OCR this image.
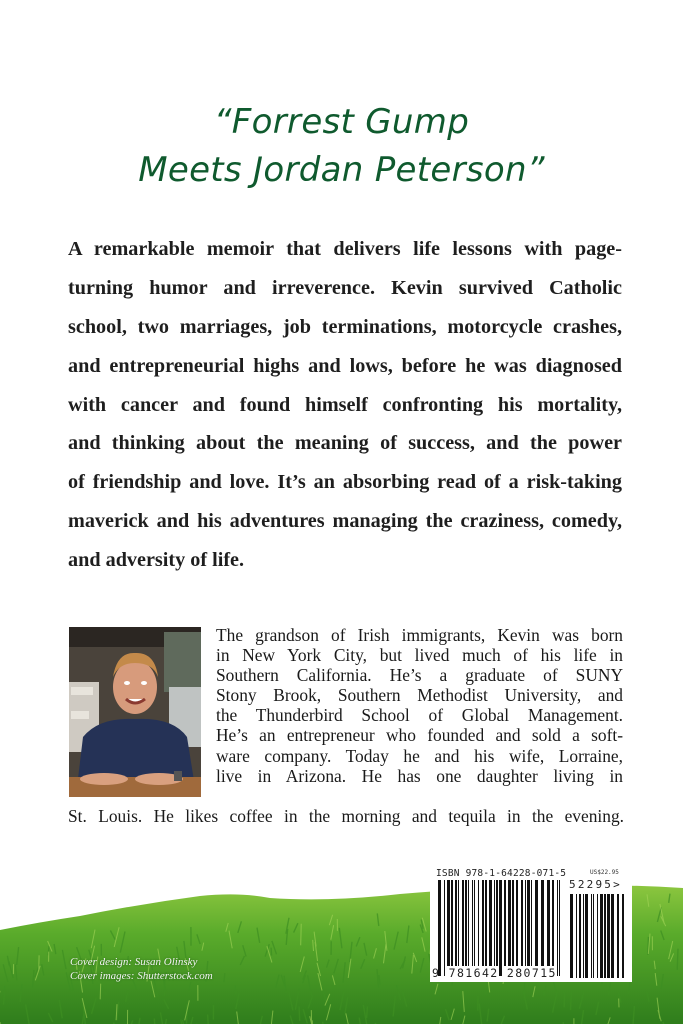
“Forrest Gump
Meets Jordan Peterson”
A remarkable memoir that delivers life lessons with page-
turning humor and irreverence. Kevin survived Catholic
school, two marriages, job terminations, motorcycle crashes,
and entrepreneurial highs and lows, before he was diagnosed
with cancer and found himself confronting his mortality,
and thinking about the meaning of success, and the power
of friendship and love. It’s an absorbing read of a risk-taking
maverick and his adventures managing the craziness, comedy,
and adversity of life.
The grandson of Irish immigrants, Kevin was born
in New York City, but lived much of his life in
Southern California. He’s a graduate of SUNY
Stony Brook, Southern Methodist University, and
the Thunderbird School of Global Management.
He’s an entrepreneur who founded and sold a soft-
ware company. Today he and his wife, Lorraine,
live in Arizona. He has one daughter living in
St. Louis. He likes coffee in the morning and tequila in the evening.
Cover design: Susan Olinsky
Cover images: Shutterstock.com
ISBN 978-1-64228-071-5	US$22.95
9 781642 280715
52295>
